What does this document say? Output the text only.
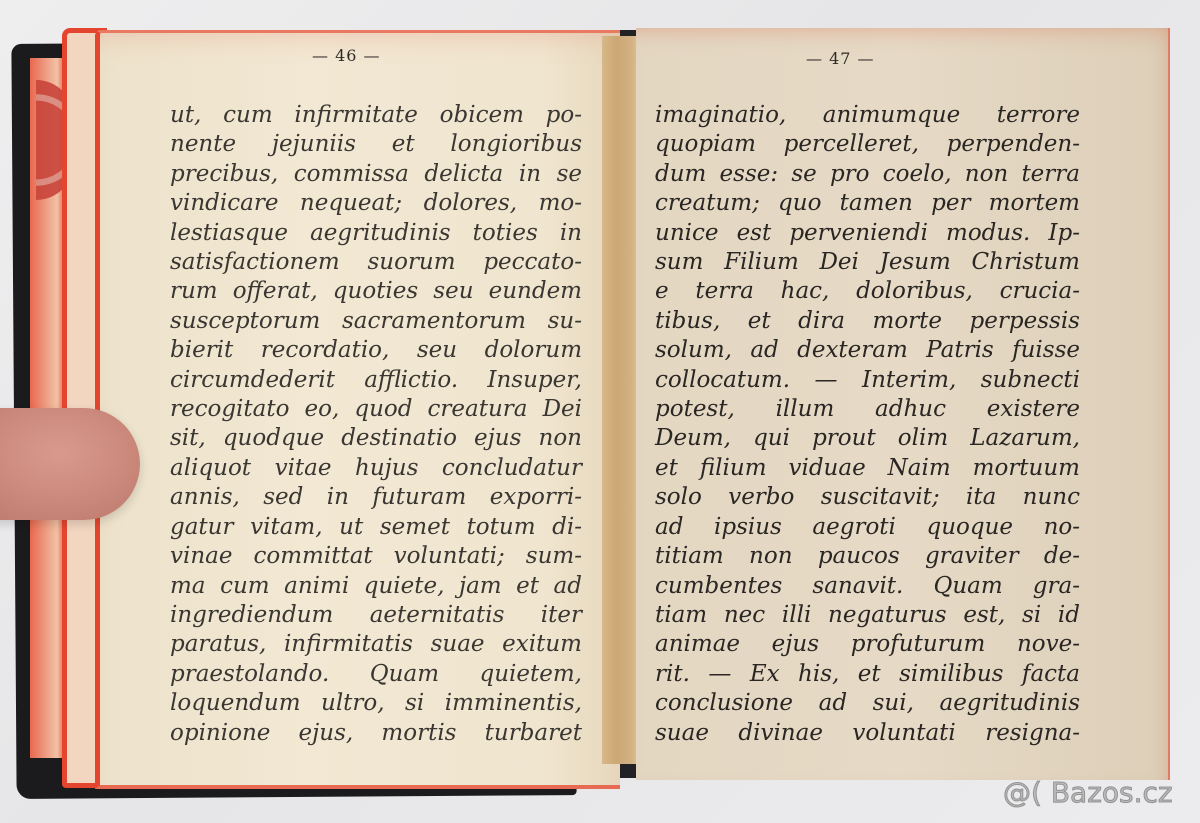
— 46 —	— 47 —
ut, cum infirmitate obicem po-
nente jejuniis et longioribus
precibus, commissa delicta in se
vindicare nequeat; dolores, mo-
lestiasque aegritudinis toties in
satisfactionem suorum peccato-
rum offerat, quoties seu eundem
susceptorum sacramentorum su-
bierit recordatio, seu dolorum
circumdederit afflictio. Insuper,
recogitato eo, quod creatura Dei
sit, quodque destinatio ejus non
aliquot vitae hujus concludatur
annis, sed in futuram exporri-
gatur vitam, ut semet totum di-
vinae committat voluntati; sum-
ma cum animi quiete, jam et ad
ingrediendum aeternitatis iter
paratus, infirmitatis suae exitum
praestolando. Quam quietem,
loquendum ultro, si imminentis,
opinione ejus, mortis turbaret
imaginatio, animumque terrore
quopiam percelleret, perpenden-
dum esse: se pro coelo, non terra
creatum; quo tamen per mortem
unice est perveniendi modus. Ip-
sum Filium Dei Jesum Christum
e terra hac, doloribus, crucia-
tibus, et dira morte perpessis
solum, ad dexteram Patris fuisse
collocatum. — Interim, subnecti
potest, illum adhuc existere
Deum, qui prout olim Lazarum,
et filium viduae Naim mortuum
solo verbo suscitavit; ita nunc
ad ipsius aegroti quoque no-
titiam non paucos graviter de-
cumbentes sanavit. Quam gra-
tiam nec illi negaturus est, si id
animae ejus profuturum nove-
rit. — Ex his, et similibus facta
conclusione ad sui, aegritudinis
suae divinae voluntati resigna-
@( Bazos.cz
